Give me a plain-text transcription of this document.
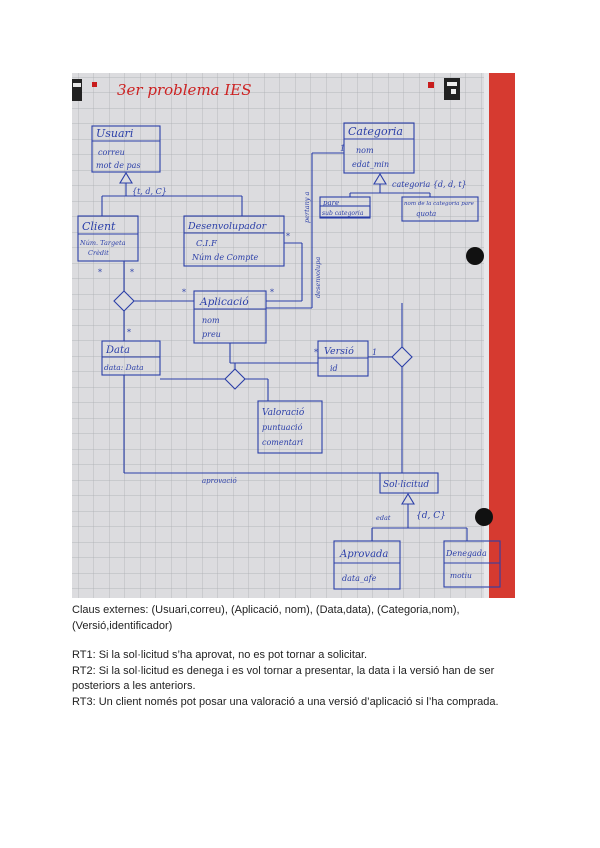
3er problema IES
Usuari
correu
mot de pas
Categoria
nom
edat_min
Client
Núm. Targeta
Crèdit
Desenvolupador
C.I.F
Núm de Compte
Aplicació
nom
preu
Data
data: Data
Versió
id
Valoració
puntuació
comentari
Sol·licitud
Aprovada
data_afe
Denegada
motiu
pare
sub categoria
nom de la categoria pare
quota
{t, d, C}
categoria {d, d, t}
{d, C}
edat
pertany a
desenvolupa
aprovació
*	*
*
*
*
*
*	1
1

Claus externes: (Usuari,correu), (Aplicació, nom), (Data,data), (Categoria,nom), (Versió,identificador)

RT1: Si la sol·licitud s’ha aprovat, no es pot tornar a solicitar.

RT2: Si la sol·licitud es denega i es vol tornar a presentar, la data i la versió han de ser posteriors a les anteriors.

RT3: Un client només pot posar una valoració a una versió d’aplicació si l’ha comprada.
